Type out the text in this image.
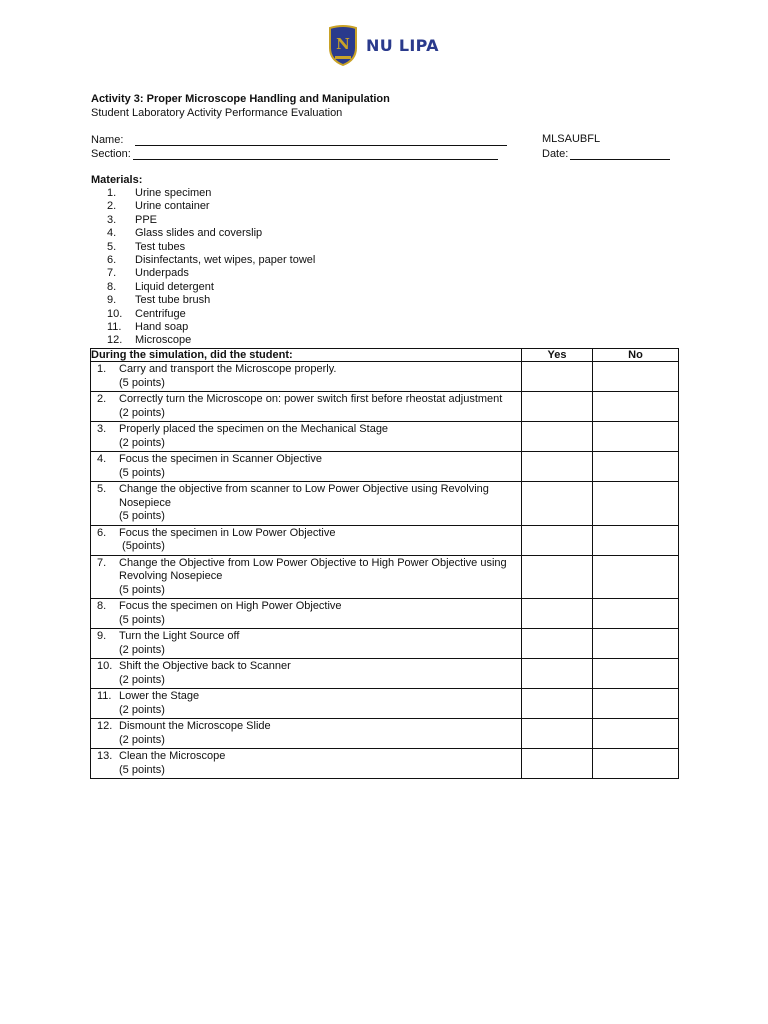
N NU LIPA
Activity 3: Proper Microscope Handling and Manipulation
Student Laboratory Activity Performance Evaluation
Name:
Section:
MLSAUBFL
Date:
Materials:
1.	Urine specimen
2.	Urine container
3.	PPE
4.	Glass slides and coverslip
5.	Test tubes
6.	Disinfectants, wet wipes, paper towel
7.	Underpads
8.	Liquid detergent
9.	Test tube brush
10.	Centrifuge
11.	Hand soap
12.	Microscope
During the simulation, did the student:	Yes	No

1. Carry and transport the Microscope properly.
(5 points)		

2. Correctly turn the Microscope on: power switch first before rheostat adjustment
(2 points)		

3. Properly placed the specimen on the Mechanical Stage
(2 points)		

4. Focus the specimen in Scanner Objective
(5 points)		

5. Change the objective from scanner to Low Power Objective using Revolving Nosepiece
(5 points)		

6. Focus the specimen in Low Power Objective
(5points)		

7. Change the Objective from Low Power Objective to High Power Objective using Revolving Nosepiece
(5 points)		

8. Focus the specimen on High Power Objective
(5 points)		

9. Turn the Light Source off
(2 points)		

10. Shift the Objective back to Scanner
(2 points)		

11. Lower the Stage
(2 points)		

12. Dismount the Microscope Slide
(2 points)		

13. Clean the Microscope
(5 points)		
